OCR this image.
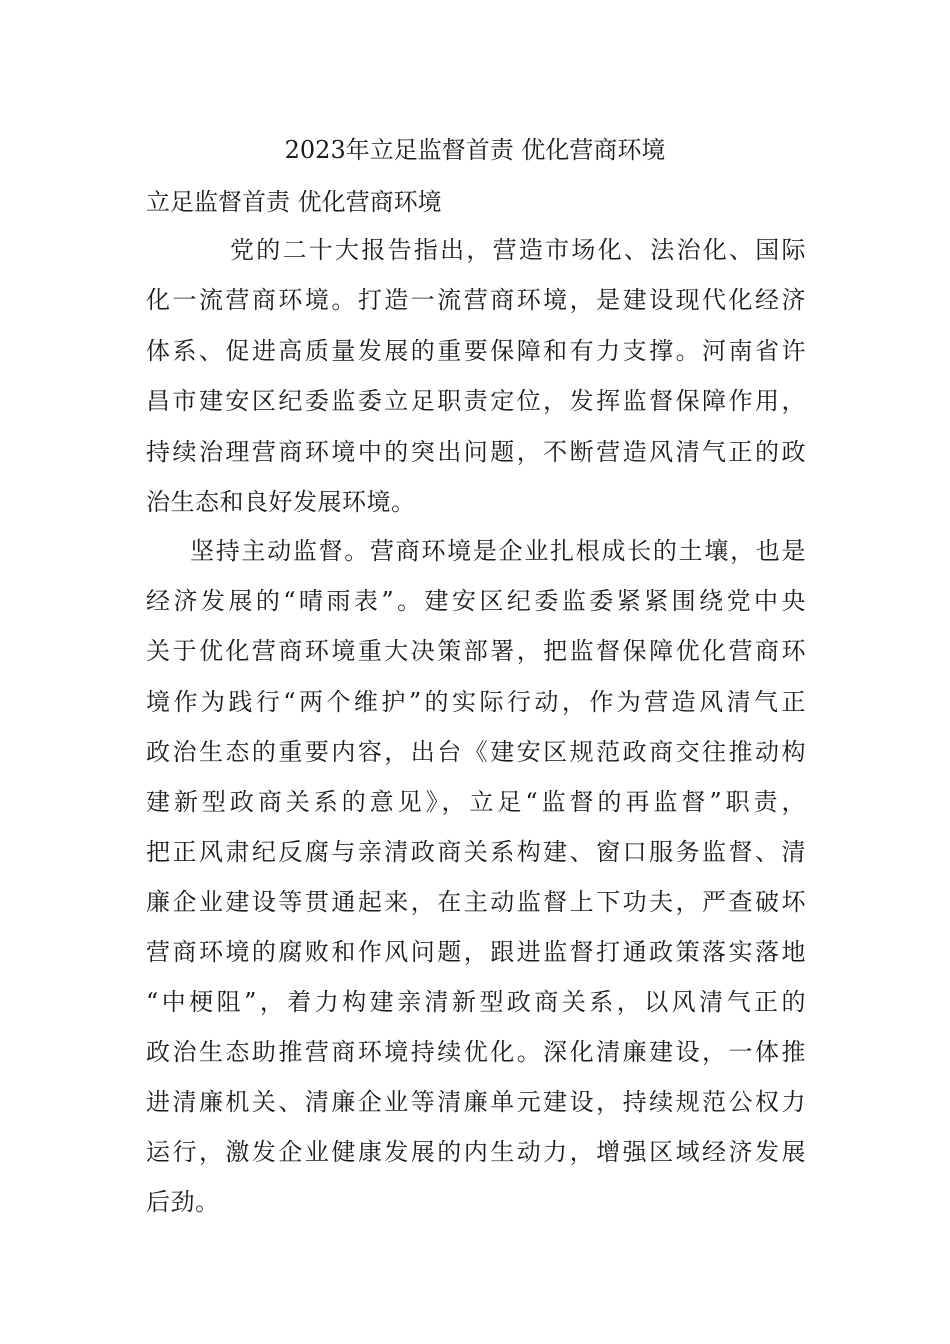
2023年立足监督首责 优化营商环境
立足监督首责 优化营商环境
党的二十大报告指出，营造市场化、法治化、国际
化一流营商环境。打造一流营商环境，是建设现代化经济
体系、促进高质量发展的重要保障和有力支撑。河南省许
昌市建安区纪委监委立足职责定位，发挥监督保障作用，
持续治理营商环境中的突出问题，不断营造风清气正的政
治生态和良好发展环境。
坚持主动监督。营商环境是企业扎根成长的土壤，也是
经济发展的“晴雨表”。建安区纪委监委紧紧围绕党中央
关于优化营商环境重大决策部署，把监督保障优化营商环
境作为践行“两个维护”的实际行动，作为营造风清气正
政治生态的重要内容，出台《建安区规范政商交往推动构
建新型政商关系的意见》，立足“监督的再监督”职责，
把正风肃纪反腐与亲清政商关系构建、窗口服务监督、清
廉企业建设等贯通起来，在主动监督上下功夫，严查破坏
营商环境的腐败和作风问题，跟进监督打通政策落实落地
“中梗阻”，着力构建亲清新型政商关系，以风清气正的
政治生态助推营商环境持续优化。深化清廉建设，一体推
进清廉机关、清廉企业等清廉单元建设，持续规范公权力
运行，激发企业健康发展的内生动力，增强区域经济发展
后劲。
